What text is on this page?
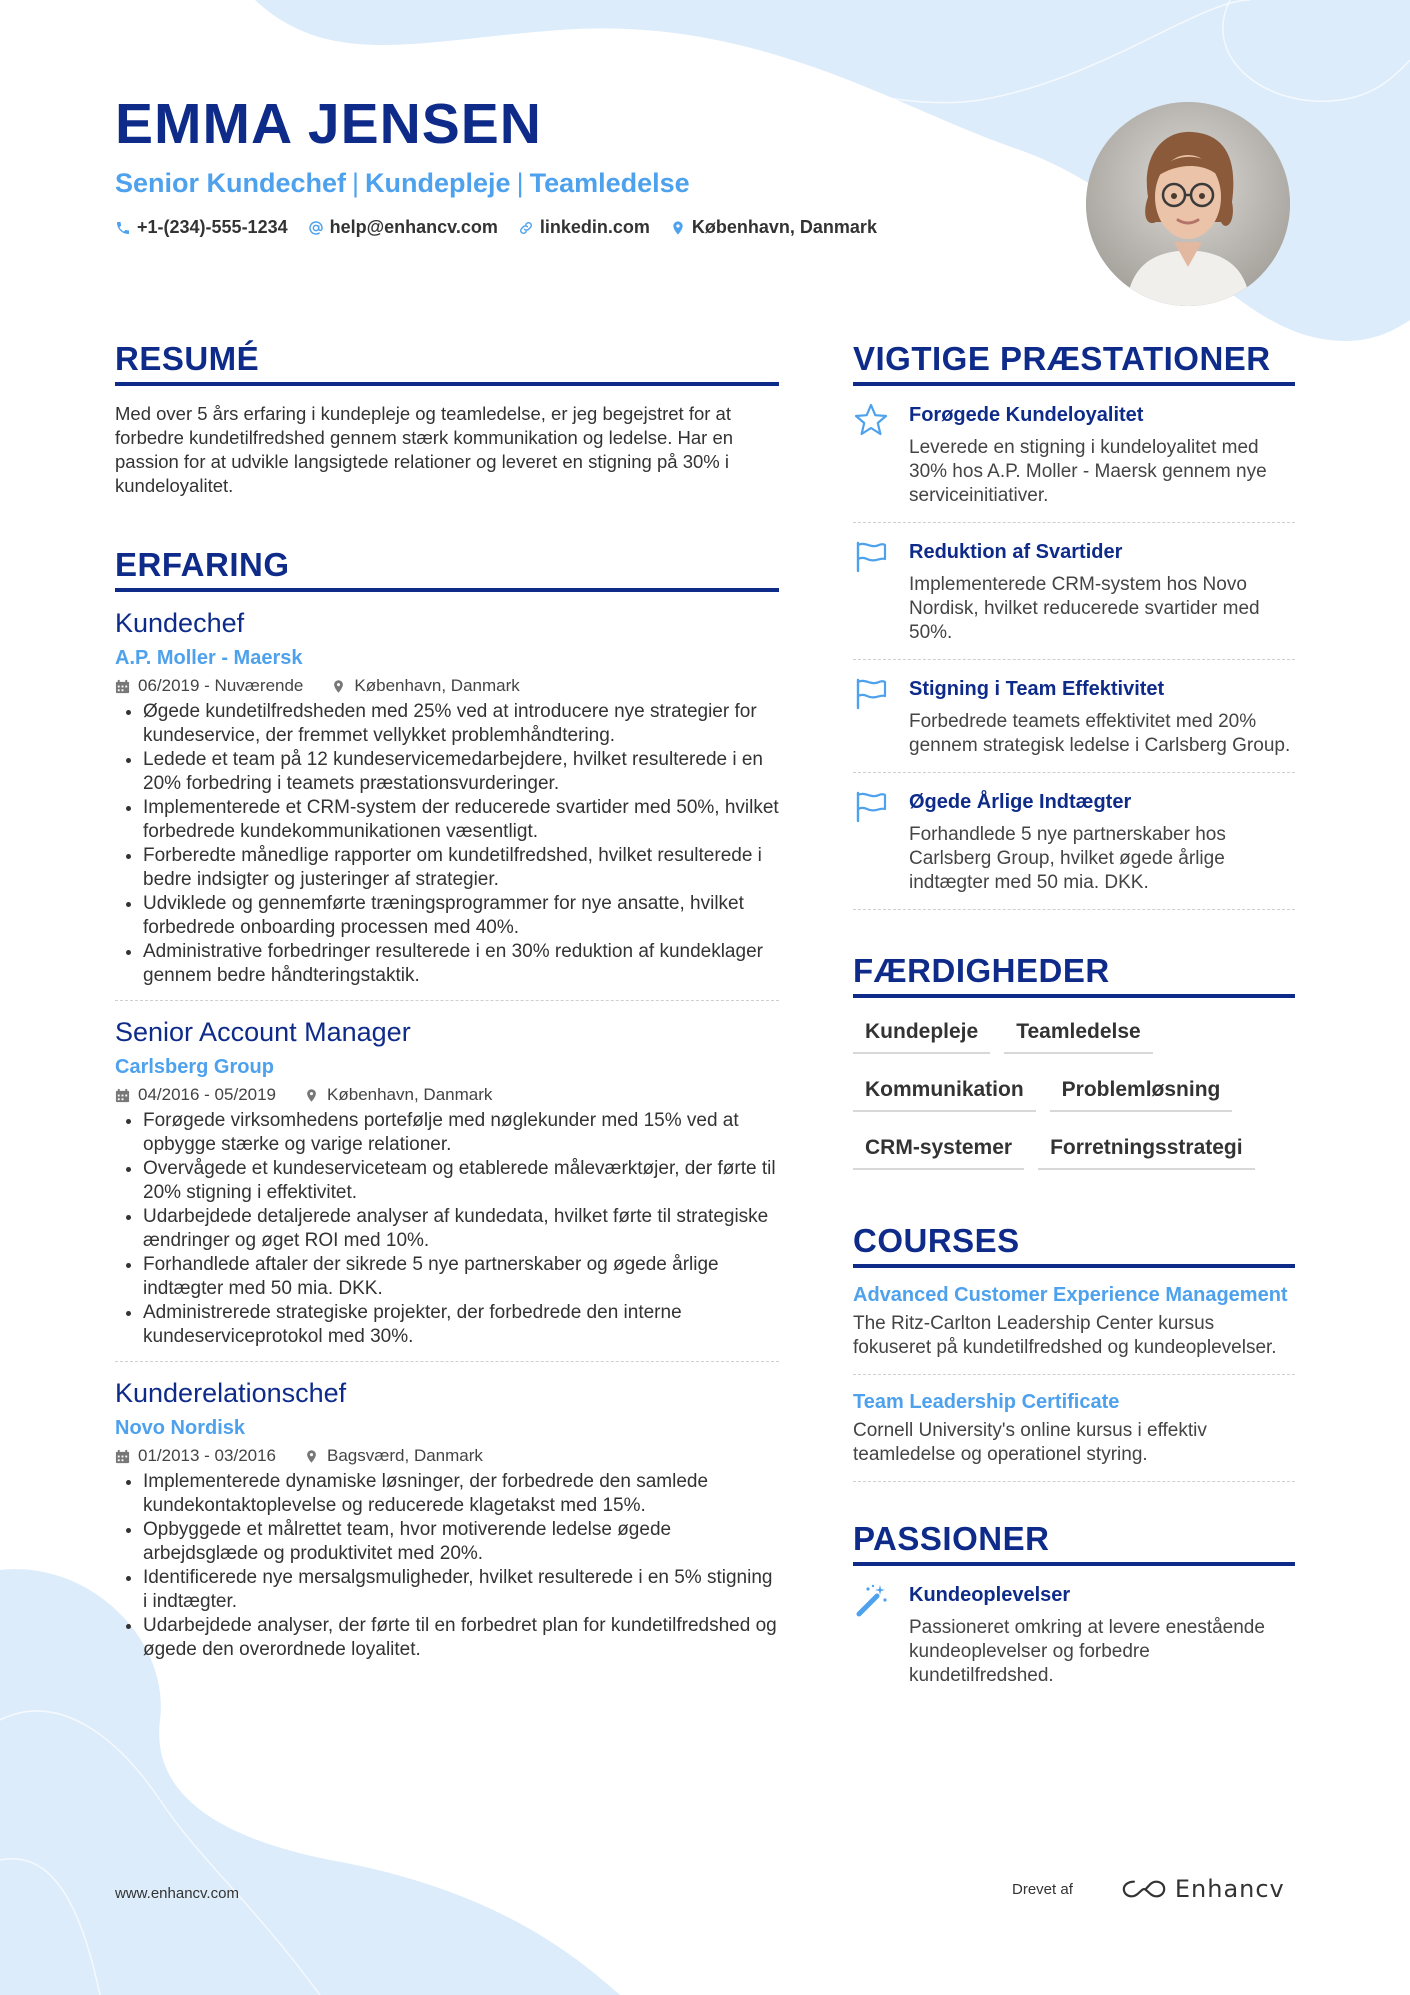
EMMA JENSEN
Senior Kundechef | Kundepleje | Teamledelse
+1-(234)-555-1234 help@enhancv.com linkedin.com København, Danmark
RESUMÉ

Med over 5 års erfaring i kundepleje og teamledelse, er jeg begejstret for at forbedre kundetilfredshed gennem stærk kommunikation og ledelse. Har en passion for at udvikle langsigtede relationer og leveret en stigning på 30% i kundeloyalitet.

ERFARING
Kundechef
A.P. Moller - Maersk
06/2019 - Nuværende	København, Danmark
• Øgede kundetilfredsheden med 25% ved at introducere nye strategier for kundeservice, der fremmet vellykket problemhåndtering.
• Ledede et team på 12 kundeservicemedarbejdere, hvilket resulterede i en 20% forbedring i teamets præstationsvurderinger.
• Implementerede et CRM-system der reducerede svartider med 50%, hvilket forbedrede kundekommunikationen væsentligt.
• Forberedte månedlige rapporter om kundetilfredshed, hvilket resulterede i bedre indsigter og justeringer af strategier.
• Udviklede og gennemførte træningsprogrammer for nye ansatte, hvilket forbedrede onboarding processen med 40%.
• Administrative forbedringer resulterede i en 30% reduktion af kundeklager gennem bedre håndteringstaktik.
Senior Account Manager
Carlsberg Group
04/2016 - 05/2019	København, Danmark
• Forøgede virksomhedens portefølje med nøglekunder med 15% ved at opbygge stærke og varige relationer.
• Overvågede et kundeserviceteam og etablerede måleværktøjer, der førte til 20% stigning i effektivitet.
• Udarbejdede detaljerede analyser af kundedata, hvilket førte til strategiske ændringer og øget ROI med 10%.
• Forhandlede aftaler der sikrede 5 nye partnerskaber og øgede årlige indtægter med 50 mia. DKK.
• Administrerede strategiske projekter, der forbedrede den interne kundeserviceprotokol med 30%.
Kunderelationschef
Novo Nordisk
01/2013 - 03/2016	Bagsværd, Danmark
• Implementerede dynamiske løsninger, der forbedrede den samlede kundekontaktoplevelse og reducerede klagetakst med 15%.
• Opbyggede et målrettet team, hvor motiverende ledelse øgede arbejdsglæde og produktivitet med 20%.
• Identificerede nye mersalgsmuligheder, hvilket resulterede i en 5% stigning i indtægter.
• Udarbejdede analyser, der førte til en forbedret plan for kundetilfredshed og øgede den overordnede loyalitet.
VIGTIGE PRÆSTATIONER
Forøgede Kundeloyalitet
Leverede en stigning i kundeloyalitet med 30% hos A.P. Moller - Maersk gennem nye serviceinitiativer.
Reduktion af Svartider
Implementerede CRM-system hos Novo Nordisk, hvilket reducerede svartider med 50%.
Stigning i Team Effektivitet
Forbedrede teamets effektivitet med 20% gennem strategisk ledelse i Carlsberg Group.
Øgede Årlige Indtægter
Forhandlede 5 nye partnerskaber hos Carlsberg Group, hvilket øgede årlige indtægter med 50 mia. DKK.
FÆRDIGHEDER
Kundepleje	Teamledelse
Kommunikation	Problemløsning
CRM-systemer	Forretningsstrategi
COURSES
Advanced Customer Experience Management
The Ritz-Carlton Leadership Center kursus fokuseret på kundetilfredshed og kundeoplevelser.
Team Leadership Certificate
Cornell University's online kursus i effektiv teamledelse og operationel styring.
PASSIONER
Kundeoplevelser
Passioneret omkring at levere enestående kundeoplevelser og forbedre kundetilfredshed.
www.enhancv.com	Drevet af	Enhancv
